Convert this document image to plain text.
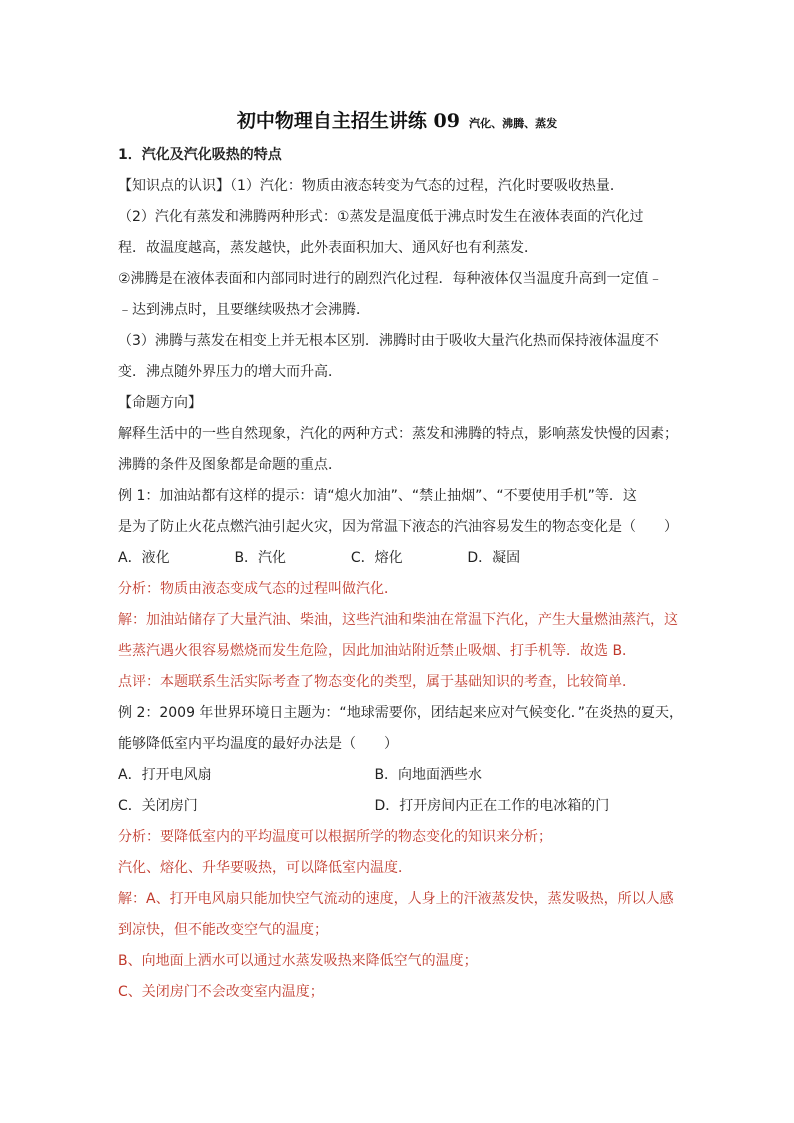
初中物理自主招生讲练 09 汽化、沸腾、蒸发
1．汽化及汽化吸热的特点
【知识点的认识】（1）汽化：物质由液态转变为气态的过程，汽化时要吸收热量．
（2）汽化有蒸发和沸腾两种形式：①蒸发是温度低于沸点时发生在液体表面的汽化过
程．故温度越高，蒸发越快，此外表面积加大、通风好也有利蒸发．
②沸腾是在液体表面和内部同时进行的剧烈汽化过程．每种液体仅当温度升高到一定值﹣
﹣达到沸点时，且要继续吸热才会沸腾．
（3）沸腾与蒸发在相变上并无根本区别．沸腾时由于吸收大量汽化热而保持液体温度不
变．沸点随外界压力的增大而升高．
【命题方向】
解释生活中的一些自然现象，汽化的两种方式：蒸发和沸腾的特点，影响蒸发快慢的因素；
沸腾的条件及图象都是命题的重点．
例 1：加油站都有这样的提示：请“熄火加油”、“禁止抽烟”、“不要使用手机”等．这
是为了防止火花点燃汽油引起火灾，因为常温下液态的汽油容易发生的物态变化是（　　）
A．液化	B．汽化	C．熔化	D．凝固
分析：物质由液态变成气态的过程叫做汽化．
解：加油站储存了大量汽油、柴油，这些汽油和柴油在常温下汽化，产生大量燃油蒸汽，这
些蒸汽遇火很容易燃烧而发生危险，因此加油站附近禁止吸烟、打手机等．故选 B．
点评：本题联系生活实际考查了物态变化的类型，属于基础知识的考查，比较简单．
例 2：2009 年世界环境日主题为：“地球需要你，团结起来应对气候变化．”在炎热的夏天，
能够降低室内平均温度的最好办法是（　　）
A．打开电风扇	B．向地面洒些水
C．关闭房门	D．打开房间内正在工作的电冰箱的门
分析：要降低室内的平均温度可以根据所学的物态变化的知识来分析；
汽化、熔化、升华要吸热，可以降低室内温度．
解：A、打开电风扇只能加快空气流动的速度，人身上的汗液蒸发快，蒸发吸热，所以人感
到凉快，但不能改变空气的温度；
B、向地面上洒水可以通过水蒸发吸热来降低空气的温度；
C、关闭房门不会改变室内温度；
